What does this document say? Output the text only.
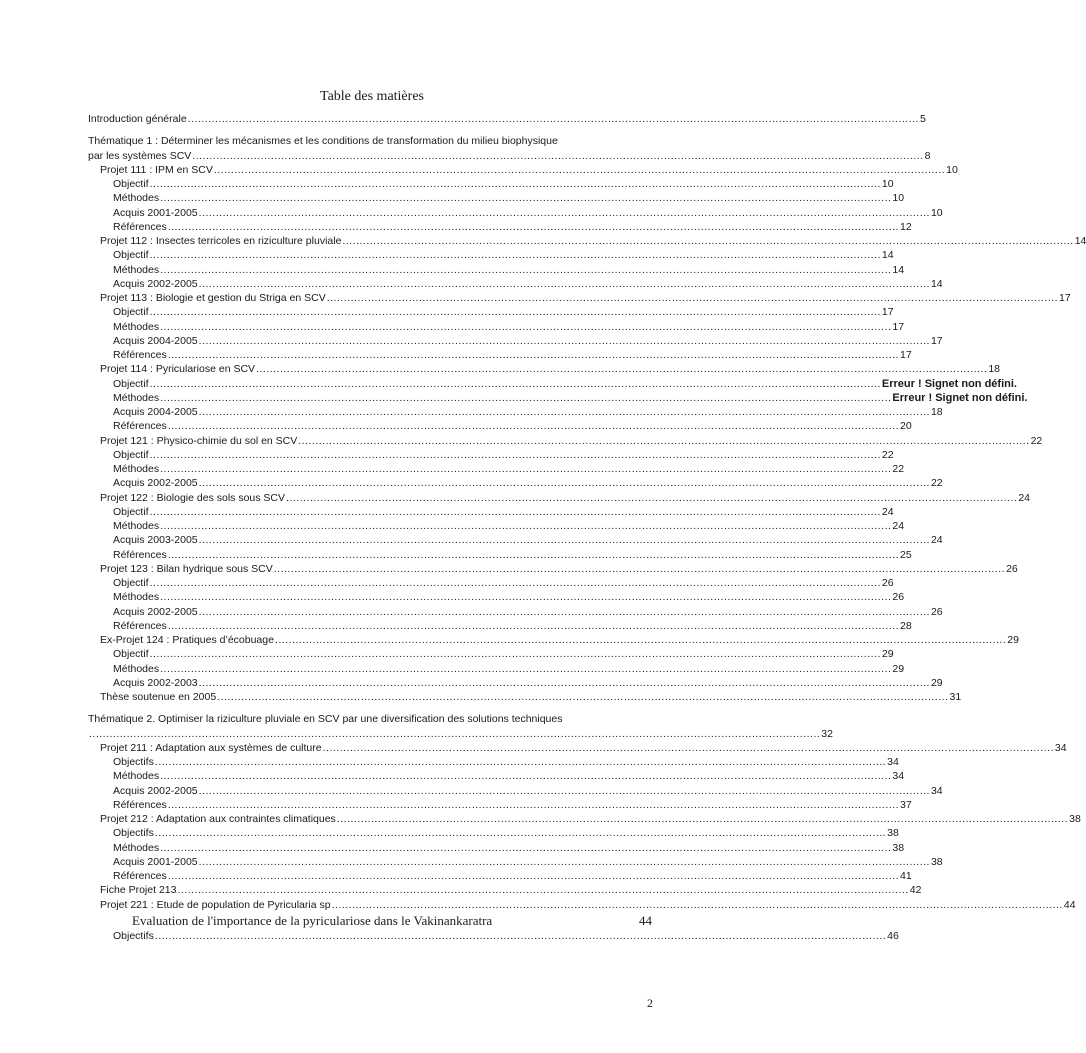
Table des matières
Introduction générale ...................................................................................................................................................................................................................... 5
Thématique 1 : Déterminer les mécanismes et les conditions de transformation du milieu biophysique
par les systèmes SCV ...................................................................................................................................................................................................................... 8
Projet 111 : IPM en SCV ...................................................................................................................................................................................................................... 10
Objectif ...................................................................................................................................................................................................................... 10
Méthodes ...................................................................................................................................................................................................................... 10
Acquis 2001-2005 ...................................................................................................................................................................................................................... 10
Références ...................................................................................................................................................................................................................... 12
Projet 112 : Insectes terricoles en riziculture pluviale ...................................................................................................................................................................................................................... 14
Objectif ...................................................................................................................................................................................................................... 14
Méthodes ...................................................................................................................................................................................................................... 14
Acquis 2002-2005 ...................................................................................................................................................................................................................... 14
Projet 113 : Biologie et gestion du Striga en SCV ...................................................................................................................................................................................................................... 17
Objectif ...................................................................................................................................................................................................................... 17
Méthodes ...................................................................................................................................................................................................................... 17
Acquis 2004-2005 ...................................................................................................................................................................................................................... 17
Références ...................................................................................................................................................................................................................... 17
Projet 114 : Pyriculariose en SCV ...................................................................................................................................................................................................................... 18
Objectif ...................................................................................................................................................................................................................... Erreur ! Signet non défini.
Méthodes ...................................................................................................................................................................................................................... Erreur ! Signet non défini.
Acquis 2004-2005 ...................................................................................................................................................................................................................... 18
Références ...................................................................................................................................................................................................................... 20
Projet 121 : Physico-chimie du sol en SCV ...................................................................................................................................................................................................................... 22
Objectif ...................................................................................................................................................................................................................... 22
Méthodes ...................................................................................................................................................................................................................... 22
Acquis 2002-2005 ...................................................................................................................................................................................................................... 22
Projet 122 : Biologie des sols sous SCV ...................................................................................................................................................................................................................... 24
Objectif ...................................................................................................................................................................................................................... 24
Méthodes ...................................................................................................................................................................................................................... 24
Acquis 2003-2005 ...................................................................................................................................................................................................................... 24
Références ...................................................................................................................................................................................................................... 25
Projet 123 : Bilan hydrique sous SCV ...................................................................................................................................................................................................................... 26
Objectif ...................................................................................................................................................................................................................... 26
Méthodes ...................................................................................................................................................................................................................... 26
Acquis 2002-2005 ...................................................................................................................................................................................................................... 26
Références ...................................................................................................................................................................................................................... 28
Ex-Projet 124 : Pratiques d’écobuage ...................................................................................................................................................................................................................... 29
Objectif ...................................................................................................................................................................................................................... 29
Méthodes ...................................................................................................................................................................................................................... 29
Acquis 2002-2003 ...................................................................................................................................................................................................................... 29
Thèse soutenue en 2005 ...................................................................................................................................................................................................................... 31
Thématique 2. Optimiser la riziculture pluviale en SCV par une diversification des solutions techniques
...................................................................................................................................................................................................................... 32
Projet 211 : Adaptation aux systèmes de culture ...................................................................................................................................................................................................................... 34
Objectifs ...................................................................................................................................................................................................................... 34
Méthodes ...................................................................................................................................................................................................................... 34
Acquis 2002-2005 ...................................................................................................................................................................................................................... 34
Références ...................................................................................................................................................................................................................... 37
Projet 212 : Adaptation aux contraintes climatiques ...................................................................................................................................................................................................................... 38
Objectifs ...................................................................................................................................................................................................................... 38
Méthodes ...................................................................................................................................................................................................................... 38
Acquis 2001-2005 ...................................................................................................................................................................................................................... 38
Références ...................................................................................................................................................................................................................... 41
Fiche Projet 213 ...................................................................................................................................................................................................................... 42
Projet 221 : Etude de population de Pyricularia sp ...................................................................................................................................................................................................................... 44
Evaluation de l'importance de la pyriculariose dans le Vakinankaratra	44
Objectifs ...................................................................................................................................................................................................................... 46
2
